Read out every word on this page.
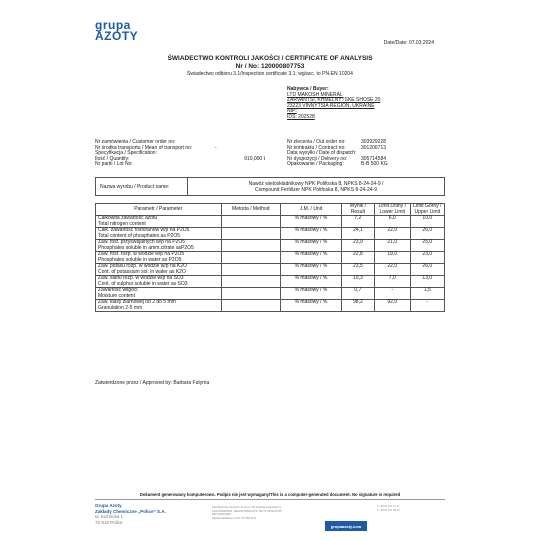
grupa
AZOTY	Date/Date: 07.03.2024
ŚWIADECTWO KONTROLI JAKOŚCI / CERTIFICATE OF ANALYSIS
Nr / No: 120000807753
Świadectwo odbioru 3.1/Inspection certificate 3.1; wg/acc. to PN-EN 10204
Nabywca / Buyer:
LTD MAKOSH MINERAL
ZARVANTSI, KHMELNYTSKE SHOSE 20
23223 VINNYTSIA REGION, UKRAINE
NIP:
IDS: 202528
Nr zamówienia / Customer order no:
Nr środka transportu / Mean of transport no:	-
Specyfikacja / Specification:
Ilość / Quantity:	910,000 t
Nr partii / Lot No:
Nr zlecenia / Out order no:	303929228
Nr kontraktu / Contract no:	301206713
Data wysyłki / Date of dispatch:
Nr dyspozycji / Delivery no:	305714584
Opakowanie / Packaging:	B-B 500 KG
Nazwa wyrobu / Product name:	Nawóz wieloskładnikowy NPK Polifoska 8, NPKS 8-24-24-9 /
Compound Fertilizer NPK Polifoska 8, NPKS 8-24-24-9
Parametr / Parameter	Metoda / Method	J.M. / Unit	Wynik / Result	Limit Dolny / Lower Limit	Limit Górny / Upper Limit

Całkowita zawartość azotu
Total nitrogen content		% masowy / %	7,2	6,0	10,0

Całk. zawartość fosforanów w/p na P2O5
Total content of phosphates as P2O5		% masowy / %	24,1	22,0	26,0

Zaw. fosf. przyswajalnych w/p na P2O5
Phosphates soluble in amm.citrate asP2O5		% masowy / %	23,9	21,0	25,0

Zaw. fosf. rozp. w wodzie w/p na P2O5
Phosphates soluble in water as P2O5		% masowy / %	22,8	19,0	23,0

Zaw. potasu rozp. w wodzie w/p na K2O
Cont. of potassium sol. in water as K2O		% masowy / %	23,5	22,0	26,0

Zaw. siarki rozp. w wodzie w/p na SO3
Cont. of sulphur soluble in water as SO3		% masowy / %	10,3	7,0	13,0

Zawartość wilgoci
Moisture content		% masowy / %	0,7	-	1,5

Zaw. klasy ziarnowej od 2 do 5 mm
Granulation 2-5 mm		% masowy / %	98,2	92,0	-
Zatwierdzone przez / Approved by: Barbara Futyma
Dokument generowany komputerowo. Podpis nie jest wymagany/This is a computer-generated document. No signature is required
Grupa Azoty
Zakłady Chemiczne „Police” S.A.
ul. Kuźnicka 1
72-010 Police
Sąd Rejonowy Szczecin-Centrum XIII Wydział Gospodarczy
KRS 0000015831, REGON 008001270, NIP PL 8510210725
BDO 000004687
Kapitał zakładowy 1 241 757 680 PLN
T +48 91 317 17 17
F +48 91 317 36 03
grupaazoty.com
